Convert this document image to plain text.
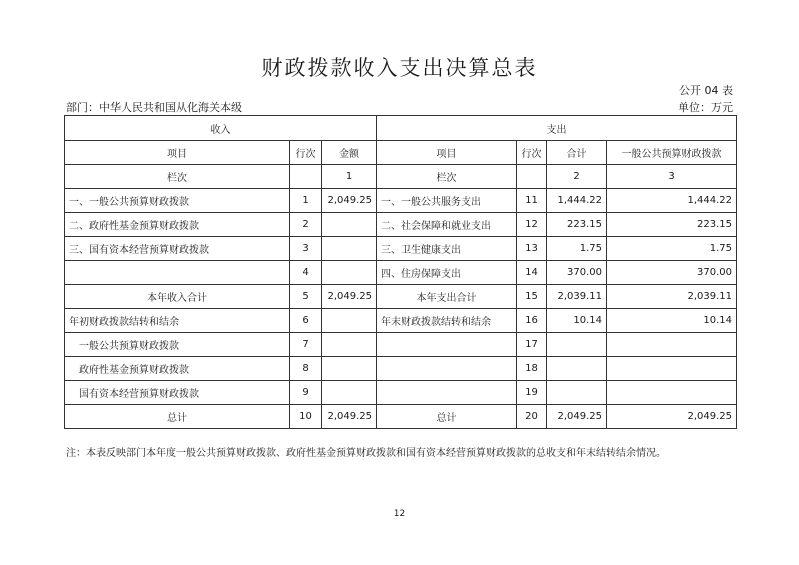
财政拨款收入支出决算总表
公开 04 表
部门：中华人民共和国从化海关本级	单位：万元
收入			支出			
项目	行次	金额	项目	行次	合计	一般公共预算财政拨款
栏次		1	栏次		2	3
一、一般公共预算财政拨款	1	2,049.25	一、一般公共服务支出	11	1,444.22	1,444.22
二、政府性基金预算财政拨款	2		二、社会保障和就业支出	12	223.15	223.15
三、国有资本经营预算财政拨款	3		三、卫生健康支出	13	1.75	1.75
	4		四、住房保障支出	14	370.00	370.00
本年收入合计	5	2,049.25	本年支出合计	15	2,039.11	2,039.11
年初财政拨款结转和结余	6		年末财政拨款结转和结余	16	10.14	10.14
一般公共预算财政拨款	7			17		
政府性基金预算财政拨款	8			18		
国有资本经营预算财政拨款	9			19		
总计	10	2,049.25	总计	20	2,049.25	2,049.25
注：本表反映部门本年度一般公共预算财政拨款、政府性基金预算财政拨款和国有资本经营预算财政拨款的总收支和年末结转结余情况。
12
